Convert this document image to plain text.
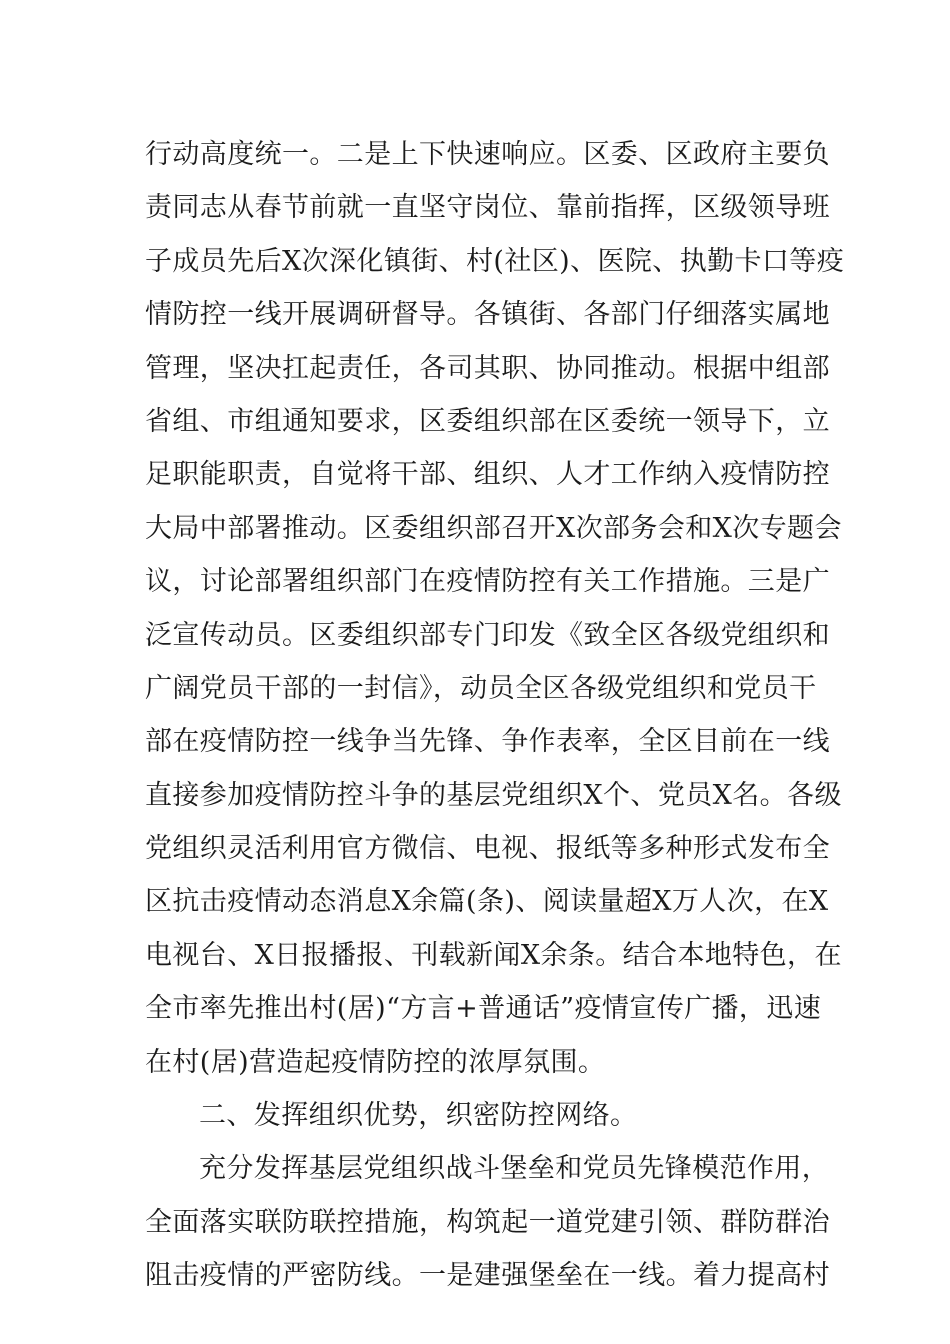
行动高度统一。二是上下快速响应。区委、区政府主要负
责同志从春节前就一直坚守岗位、靠前指挥，区级领导班
子成员先后X次深化镇街、村(社区)、医院、执勤卡口等疫
情防控一线开展调研督导。各镇街、各部门仔细落实属地
管理，坚决扛起责任，各司其职、协同推动。根据中组部
省组、市组通知要求，区委组织部在区委统一领导下，立
足职能职责，自觉将干部、组织、人才工作纳入疫情防控
大局中部署推动。区委组织部召开X次部务会和X次专题会
议，讨论部署组织部门在疫情防控有关工作措施。三是广
泛宣传动员。区委组织部专门印发《致全区各级党组织和
广阔党员干部的一封信》，动员全区各级党组织和党员干
部在疫情防控一线争当先锋、争作表率，全区目前在一线
直接参加疫情防控斗争的基层党组织X个、党员X名。各级
党组织灵活利用官方微信、电视、报纸等多种形式发布全
区抗击疫情动态消息X余篇(条)、阅读量超X万人次，在X
电视台、X日报播报、刊载新闻X余条。结合本地特色，在
全市率先推出村(居)“方言+普通话”疫情宣传广播，迅速
在村(居)营造起疫情防控的浓厚氛围。
二、发挥组织优势，织密防控网络。
充分发挥基层党组织战斗堡垒和党员先锋模范作用，
全面落实联防联控措施，构筑起一道党建引领、群防群治
阻击疫情的严密防线。一是建强堡垒在一线。着力提高村
